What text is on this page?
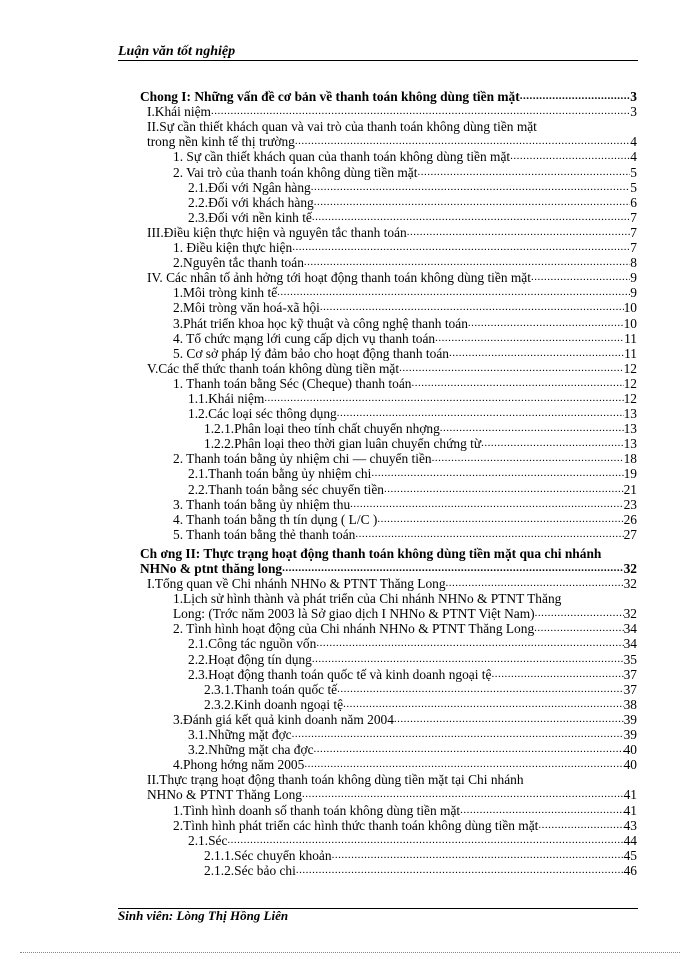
Luận văn tốt nghiệp
Chong I: Những vấn đề cơ bản về thanh toán không dùng tiền mặt .....	3
I.Khái niệm .....	3
II.Sự cần thiết khách quan và vai trò của thanh toán không dùng tiền mặt
trong nền kinh tế thị trường .....	4
1. Sự cần thiết khách quan của thanh toán không dùng tiền mặt .....	4
2. Vai trò của thanh toán không dùng tiền mặt .....	5
2.1.Đối với Ngân hàng .....	5
2.2.Đối với khách hàng .....	6
2.3.Đối với nền kinh tế .....	7
III.Điều kiện thực hiện và nguyên tắc thanh toán .....	7
1. Điều kiện thực hiện .....	7
2.Nguyên tắc thanh toán .....	8
IV. Các nhân tố ảnh hởng tới hoạt động thanh toán không dùng tiền mặt .....	9
1.Môi tròng kinh tế .....	9
2.Môi tròng văn hoá-xã hội .....	10
3.Phát triển khoa học kỹ thuật và công nghệ thanh toán .....	10
4. Tổ chức mạng lới cung cấp dịch vụ thanh toán .....	11
5. Cơ sở pháp lý đảm bảo cho hoạt động thanh toán .....	11
V.Các thể thức thanh toán không dùng tiền mặt .....	12
1. Thanh toán bằng Séc (Cheque) thanh toán .....	12
1.1.Khái niệm .....	12
1.2.Các loại séc thông dụng .....	13
1.2.1.Phân loại theo tính chất chuyển nhợng .....	13
1.2.2.Phân loại theo thời gian luân chuyển chứng từ .....	13
2. Thanh toán bằng ủy nhiệm chi — chuyển tiền .....	18
2.1.Thanh toán bằng ủy nhiệm chi .....	19
2.2.Thanh toán bằng séc chuyển tiền .....	21
3. Thanh toán bằng ủy nhiệm thu .....	23
4. Thanh toán bằng th tín dụng ( L/C ) .....	26
5. Thanh toán bằng thẻ thanh toán .....	27
Ch ơng II: Thực trạng hoạt động thanh toán không dùng tiền mặt qua chi nhánh
NHNo & ptnt thăng long .....	32
I.Tổng quan về Chi nhánh NHNo & PTNT Thăng Long .....	32
1.Lịch sử hình thành và phát triển của Chi nhánh NHNo & PTNT Thăng
Long: (Trớc năm 2003 là Sở giao dịch I NHNo & PTNT Việt Nam) .....	32
2. Tình hình hoạt động của Chi nhánh NHNo & PTNT Thăng Long .....	34
2.1.Công tác nguồn vốn .....	34
2.2.Hoạt động tín dụng .....	35
2.3.Hoạt động thanh toán quốc tế và kinh doanh ngoại tệ .....	37
2.3.1.Thanh toán quốc tế .....	37
2.3.2.Kinh doanh ngoại tệ .....	38
3.Đánh giá kết quả kinh doanh năm 2004 .....	39
3.1.Những mặt đợc .....	39
3.2.Những mặt cha đợc .....	40
4.Phong hớng năm 2005 .....	40
II.Thực trạng hoạt động thanh toán không dùng tiền mặt tại Chi nhánh
NHNo & PTNT Thăng Long .....	41
1.Tình hình doanh số thanh toán không dùng tiền mặt .....	41
2.Tình hình phát triển các hình thức thanh toán không dùng tiền mặt .....	43
2.1.Séc .....	44
2.1.1.Séc chuyển khoản .....	45
2.1.2.Séc bảo chi .....	46
Sinh viên: Lòng Thị Hồng Liên
